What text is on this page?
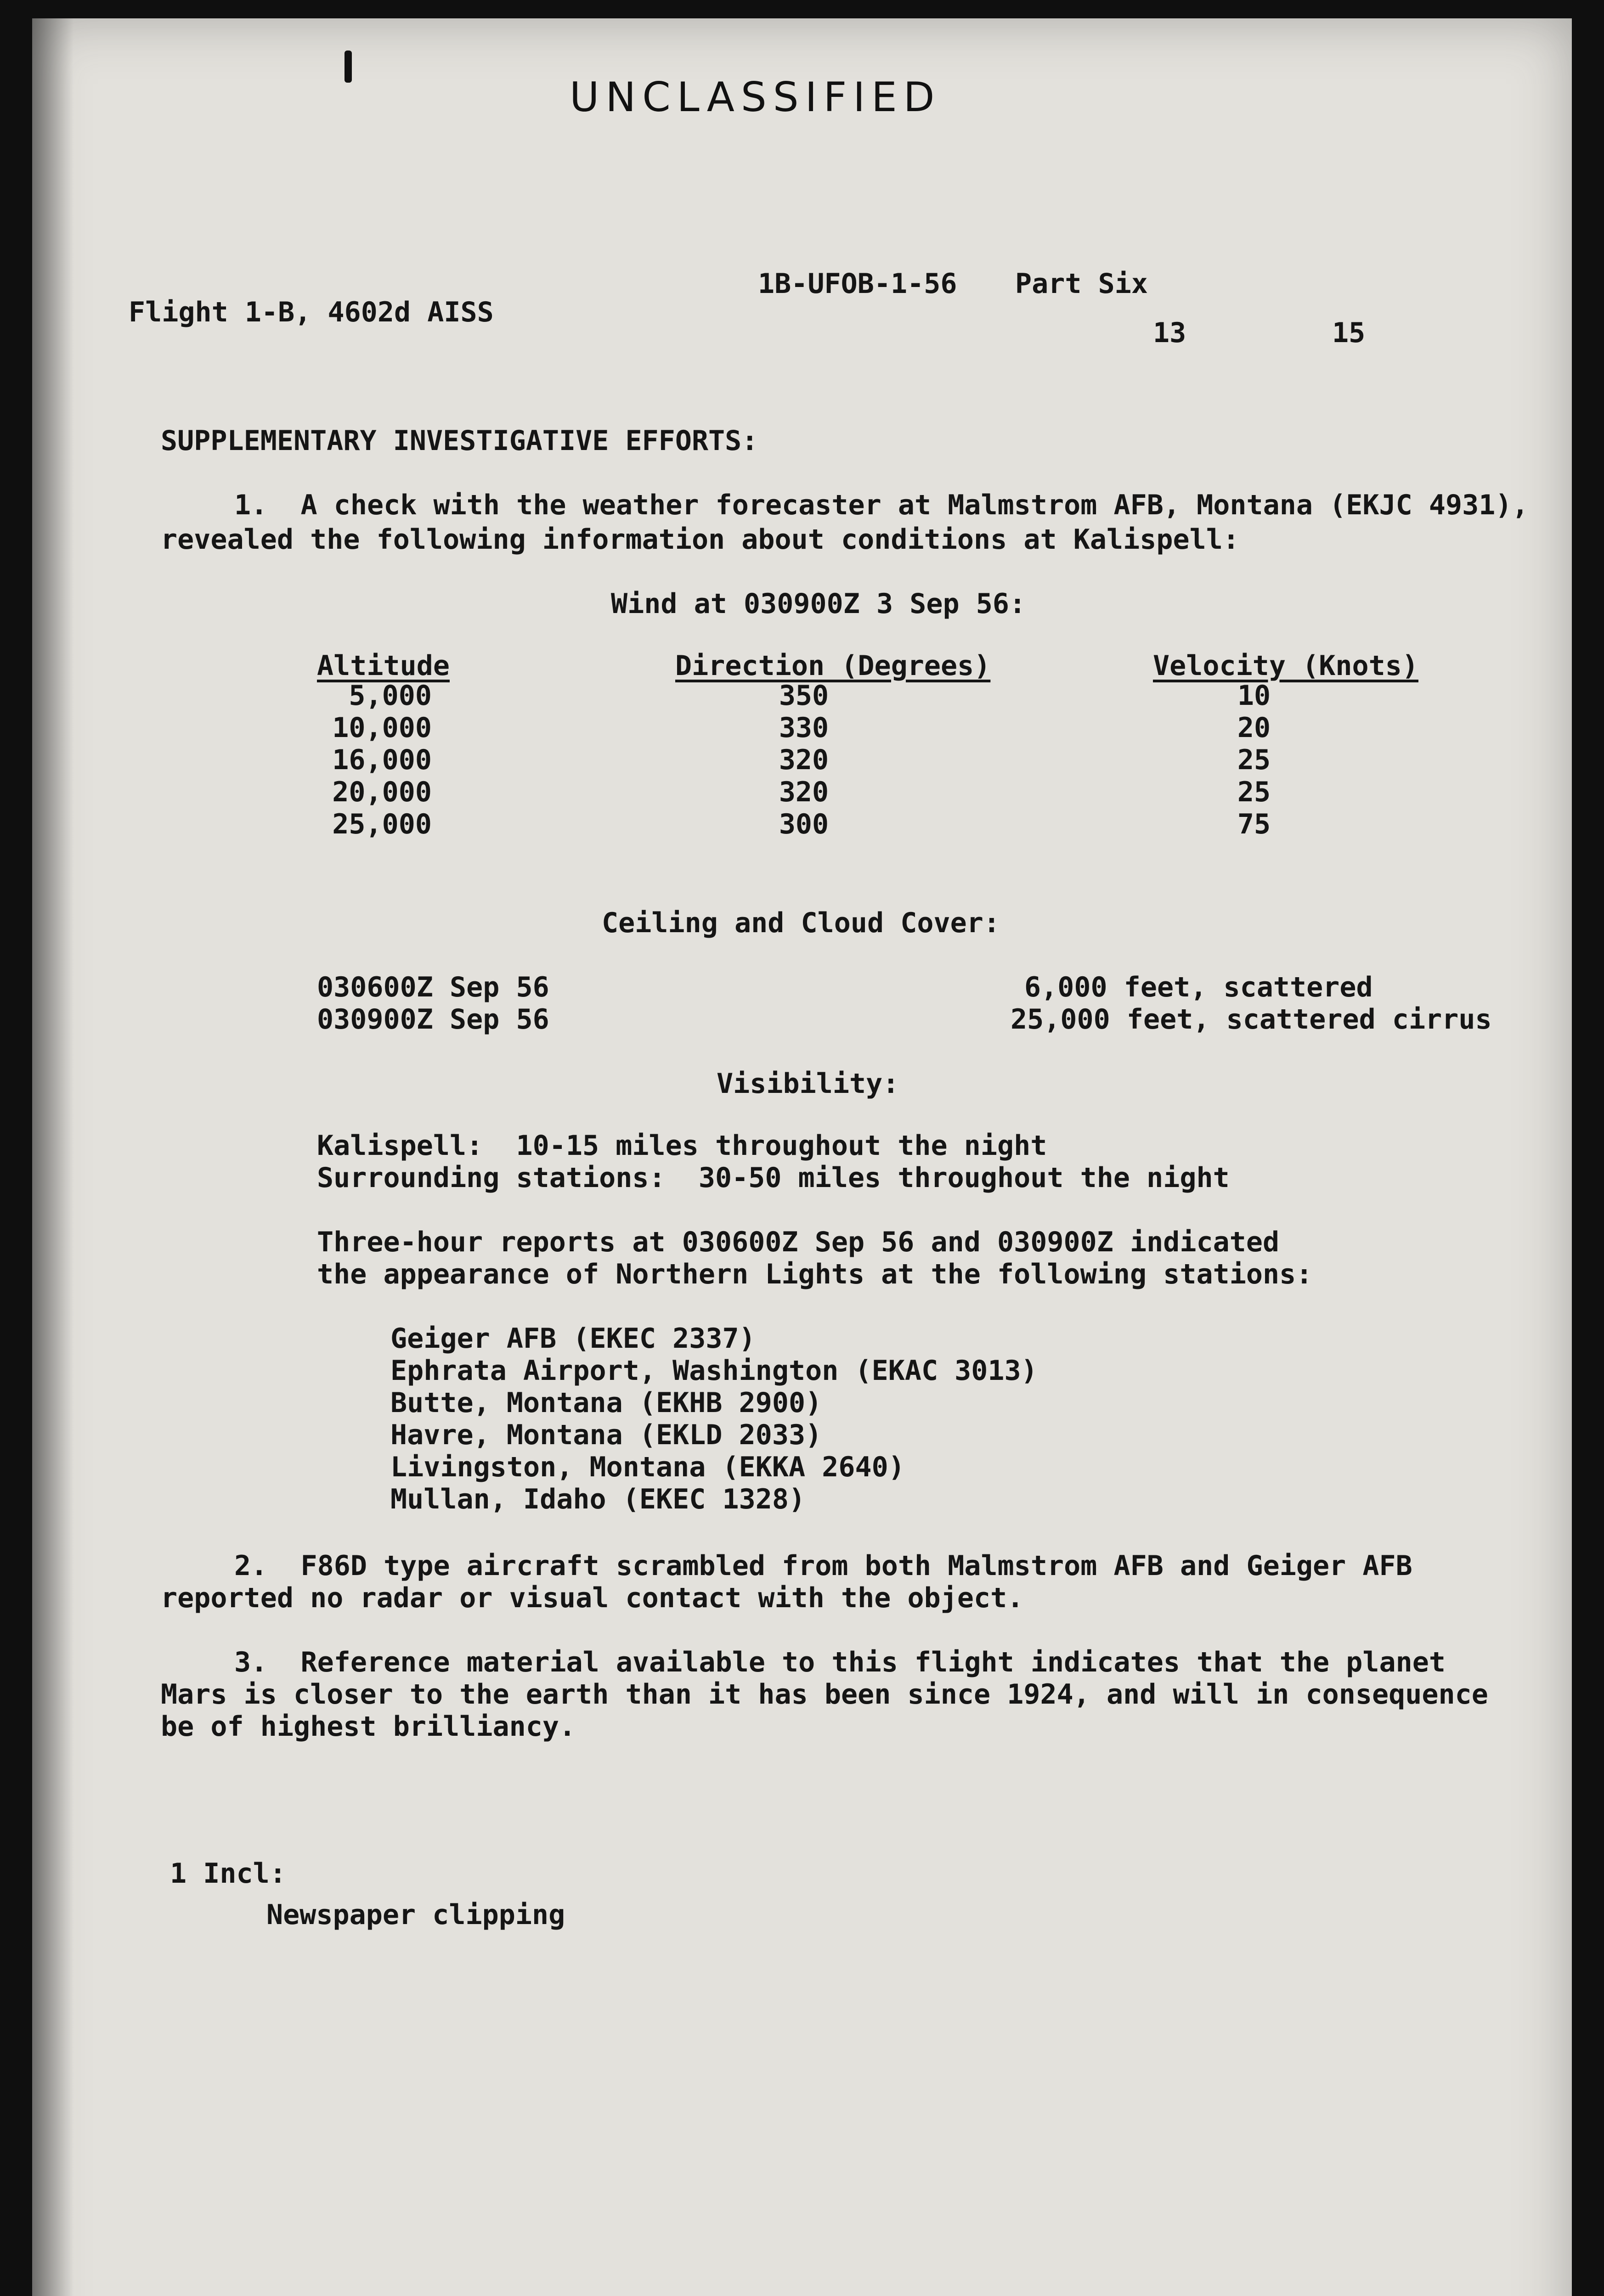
UNCLASSIFIED
1B-UFOB-1-56 Part Six
Flight 1-B, 4602d AISS
13	15
SUPPLEMENTARY INVESTIGATIVE EFFORTS:
1.  A check with the weather forecaster at Malmstrom AFB, Montana (EKJC 4931),
revealed the following information about conditions at Kalispell:
Wind at 030900Z 3 Sep 56:
Altitude	Direction (Degrees)	Velocity (Knots)
5,000	350	10
10,000	330	20
16,000	320	25
20,000	320	25
25,000	300	75
Ceiling and Cloud Cover:
030600Z Sep 56	6,000 feet, scattered
030900Z Sep 56	25,000 feet, scattered cirrus
Visibility:
Kalispell:  10-15 miles throughout the night
Surrounding stations:  30-50 miles throughout the night
Three-hour reports at 030600Z Sep 56 and 030900Z indicated
the appearance of Northern Lights at the following stations:
Geiger AFB (EKEC 2337)
Ephrata Airport, Washington (EKAC 3013)
Butte, Montana (EKHB 2900)
Havre, Montana (EKLD 2033)
Livingston, Montana (EKKA 2640)
Mullan, Idaho (EKEC 1328)
2.  F86D type aircraft scrambled from both Malmstrom AFB and Geiger AFB
reported no radar or visual contact with the object.
3.  Reference material available to this flight indicates that the planet
Mars is closer to the earth than it has been since 1924, and will in consequence
be of highest brilliancy.
1 Incl:
Newspaper clipping
